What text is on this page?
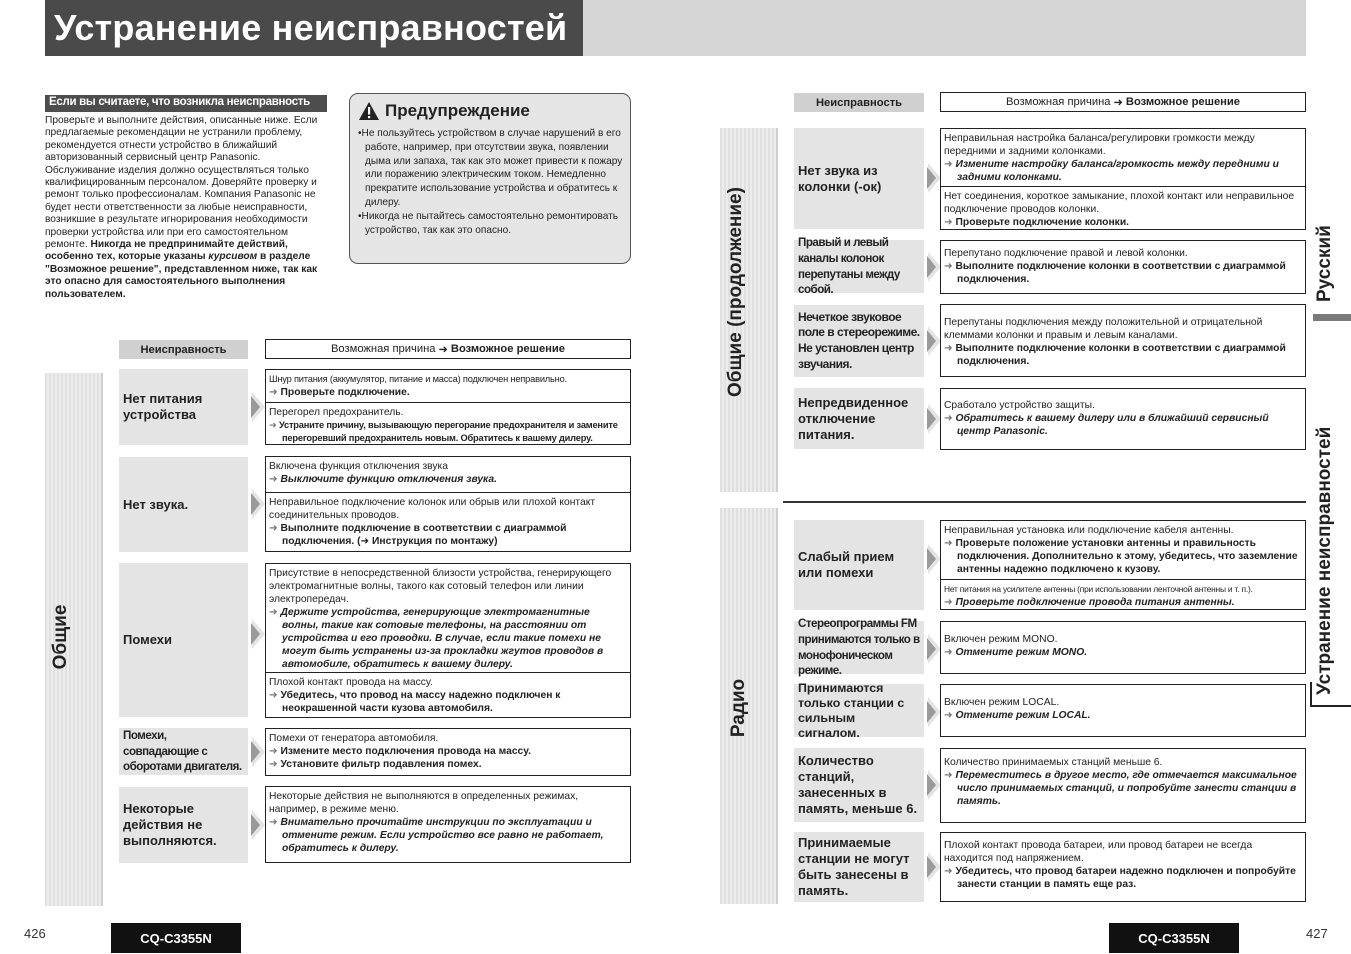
Устранение неисправностей
Если вы считаете, что возникла неисправность
Проверьте и выполните действия, описанные ниже. Если предлагаемые рекомендации не устранили проблему, рекомендуется отнести устройство в ближайший авторизованный сервисный центр Panasonic. Обслуживание изделия должно осуществляться только квалифицированным персоналом. Доверяйте проверку и ремонт только профессионалам. Компания Panasonic не будет нести ответственности за любые неисправности, возникшие в результате игнорирования необходимости проверки устройства или при его самостоятельном ремонте. Никогда не предпринимайте действий, особенно тех, которые указаны курсивом в разделе "Возможное решение", представленном ниже, так как это опасно для самостоятельного выполнения пользователем.
Предупреждение
•Не пользуйтесь устройством в случае нарушений в его работе, например, при отсутствии звука, появлении дыма или запаха, так как это может привести к пожару или поражению электрическим током. Немедленно прекратите использование устройства и обратитесь к дилеру.
•Никогда не пытайтесь самостоятельно ремонтировать устройство, так как это опасно.
Неисправность	Возможная причина ➜ Возможное решение
Общие
Нет питания устройства
Шнур питания (аккумулятор, питание и масса) подключен неправильно.
➜ Проверьте подключение.
Перегорел предохранитель.
➜ Устраните причину, вызывающую перегорание предохранителя и замените перегоревший предохранитель новым. Обратитесь к вашему дилеру.
Нет звука.
Включена функция отключения звука
➜ Выключите функцию отключения звука.
Неправильное подключение колонок или обрыв или плохой контакт соединительных проводов.
➜ Выполните подключение в соответствии с диаграммой подключения. (➜ Инструкция по монтажу)
Помехи
Присутствие в непосредственной близости устройства, генерирующего электромагнитные волны, такого как сотовый телефон или линии электропередач.
➜ Держите устройства, генерирующие электромагнитные волны, такие как сотовые телефоны, на расстоянии от устройства и его проводки. В случае, если такие помехи не могут быть устранены из-за прокладки жгутов проводов в автомобиле, обратитесь к вашему дилеру.
Плохой контакт провода на массу.
➜ Убедитесь, что провод на массу надежно подключен к неокрашенной части кузова автомобиля.
Помехи, совпадающие с оборотами двигателя.
Помехи от генератора автомобиля.
➜ Измените место подключения провода на массу.
➜ Установите фильтр подавления помех.
Некоторые действия не выполняются.
Некоторые действия не выполняются в определенных режимах, например, в режиме меню.
➜ Внимательно прочитайте инструкции по эксплуатации и отмените режим. Если устройство все равно не работает, обратитесь к дилеру.
Неисправность	Возможная причина ➜ Возможное решение
Общие (продолжение)
Радио
Нет звука из колонки (-ок)
Неправильная настройка баланса/регулировки громкости между передними и задними колонками.
➜ Измените настройку баланса/громкость между передними и задними колонками.
Нет соединения, короткое замыкание, плохой контакт или неправильное подключение проводов колонки.
➜ Проверьте подключение колонки.
Правый и левый каналы колонок перепутаны между собой.
Перепутано подключение правой и левой колонки.
➜ Выполните подключение колонки в соответствии с диаграммой подключения.
Нечеткое звуковое поле в стереорежиме. Не установлен центр звучания.
Перепутаны подключения между положительной и отрицательной клеммами колонки и правым и левым каналами.
➜ Выполните подключение колонки в соответствии с диаграммой подключения.
Непредвиденное отключение питания.
Сработало устройство защиты.
➜ Обратитесь к вашему дилеру или в ближайший сервисный центр Panasonic.
Слабый прием или помехи
Неправильная установка или подключение кабеля антенны.
➜ Проверьте положение установки антенны и правильность подключения. Дополнительно к этому, убедитесь, что заземление антенны надежно подключено к кузову.
Нет питания на усилителе антенны (при использовании ленточной антенны и т. п.).
➜ Проверьте подключение провода питания антенны.
Стереопрограммы FM принимаются только в монофоническом режиме.
Включен режим MONO.
➜ Отмените режим MONO.
Принимаются только станции с сильным сигналом.
Включен режим LOCAL.
➜ Отмените режим LOCAL.
Количество станций, занесенных в память, меньше 6.
Количество принимаемых станций меньше 6.
➜ Переместитесь в другое место, где отмечается максимальное число принимаемых станций, и попробуйте занести станции в память.
Принимаемые станции не могут быть занесены в память.
Плохой контакт провода батареи, или провод батареи не всегда находится под напряжением.
➜ Убедитесь, что провод батареи надежно подключен и попробуйте занести станции в память еще раз.
Русский
Устранение неисправностей
426	CQ-C3355N	CQ-C3355N	427
